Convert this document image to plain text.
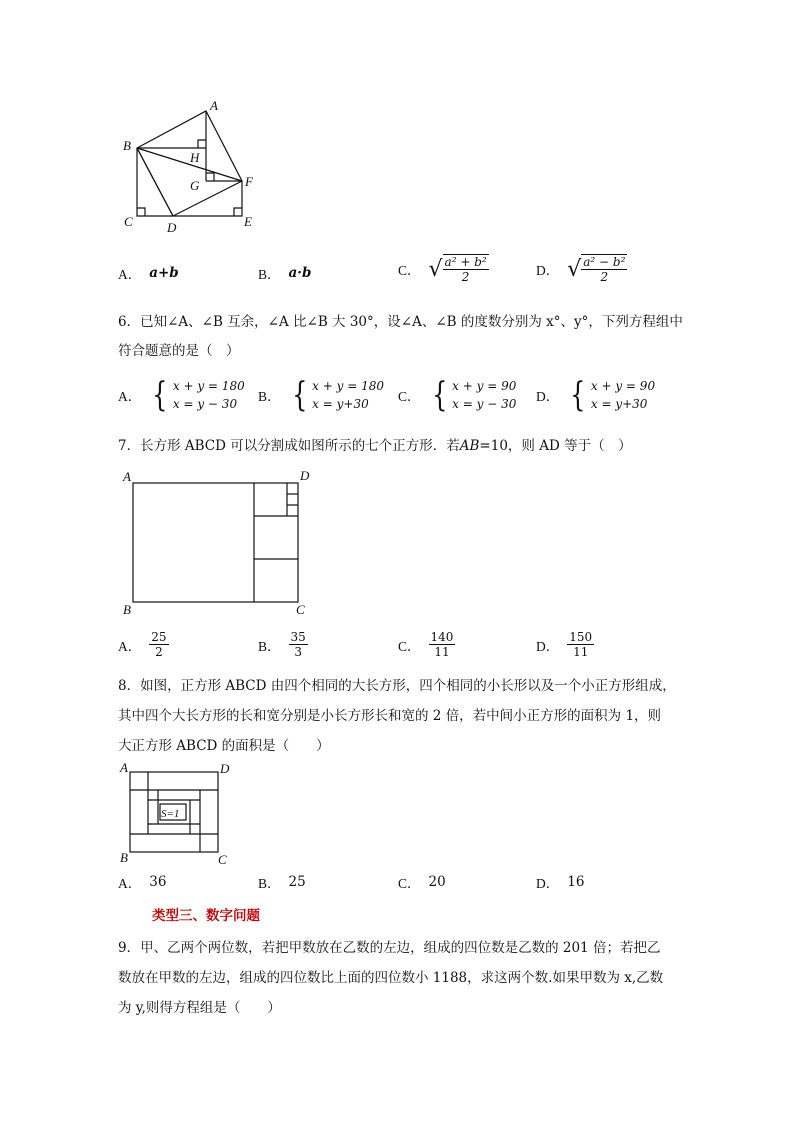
A
B
H
G	F
C	D	E
A． a+b	B． a·b	C． √ $\frac{\text{a² + b²}}{2}$	D． √ $\frac{\text{a² − b²}}{2}$
6．已知∠A、∠B 互余，∠A 比∠B 大 30°，设∠A、∠B 的度数分别为 x°、y°，下列方程组中
符合题意的是（　）
A． { x + y = 180
x = y − 30	B． { x + y = 180
x = y+30	C． { x + y = 90
x = y − 30 D． { x + y = 90
x = y+30
7．长方形 ABCD 可以分割成如图所示的七个正方形．若AB=10，则 AD 等于（　）
A	D
B	C
A． $\frac{25}{2}$	B． $\frac{35}{3}$	C． $\frac{140}{11}$	D． $\frac{150}{11}$
8．如图，正方形 ABCD 由四个相同的大长方形，四个相同的小长形以及一个小正方形组成，
其中四个大长方形的长和宽分别是小长方形长和宽的 2 倍，若中间小正方形的面积为 1，则
大正方形 ABCD 的面积是（　　）
A	D
B	C
S=1
A． 36	B． 25	C． 20	D． 16
类型三、数字问题
9．甲、乙两个两位数，若把甲数放在乙数的左边，组成的四位数是乙数的 201 倍；若把乙
数放在甲数的左边，组成的四位数比上面的四位数小 1188，求这两个数.如果甲数为 x,乙数
为 y,则得方程组是（　　）
